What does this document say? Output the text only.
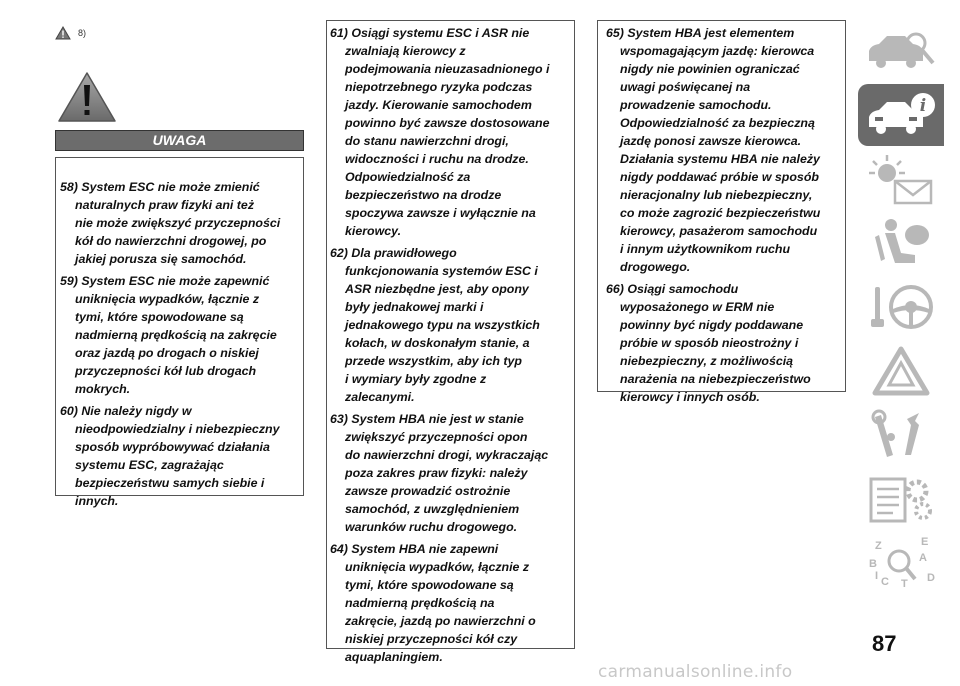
8)
UWAGA
58) System ESC nie może zmienić
naturalnych praw fizyki ani też
nie może zwiększyć przyczepności
kół do nawierzchni drogowej, po
jakiej porusza się samochód.
59) System ESC nie może zapewnić
uniknięcia wypadków, łącznie z
tymi, które spowodowane są
nadmierną prędkością na zakręcie
oraz jazdą po drogach o niskiej
przyczepności kół lub drogach
mokrych.
60) Nie należy nigdy w
nieodpowiedzialny i niebezpieczny
sposób wypróbowywać działania
systemu ESC, zagrażając
bezpieczeństwu samych siebie i
innych.
61) Osiągi systemu ESC i ASR nie
zwalniają kierowcy z
podejmowania nieuzasadnionego i
niepotrzebnego ryzyka podczas
jazdy. Kierowanie samochodem
powinno być zawsze dostosowane
do stanu nawierzchni drogi,
widoczności i ruchu na drodze.
Odpowiedzialność za
bezpieczeństwo na drodze
spoczywa zawsze i wyłącznie na
kierowcy.
62) Dla prawidłowego
funkcjonowania systemów ESC i
ASR niezbędne jest, aby opony
były jednakowej marki i
jednakowego typu na wszystkich
kołach, w doskonałym stanie, a
przede wszystkim, aby ich typ
i wymiary były zgodne z
zalecanymi.
63) System HBA nie jest w stanie
zwiększyć przyczepności opon
do nawierzchni drogi, wykraczając
poza zakres praw fizyki: należy
zawsze prowadzić ostrożnie
samochód, z uwzględnieniem
warunków ruchu drogowego.
64) System HBA nie zapewni
uniknięcia wypadków, łącznie z
tymi, które spowodowane są
nadmierną prędkością na
zakręcie, jazdą po nawierzchni o
niskiej przyczepności kół czy
aquaplaningiem.
65) System HBA jest elementem
wspomagającym jazdę: kierowca
nigdy nie powinien ograniczać
uwagi poświęcanej na
prowadzenie samochodu.
Odpowiedzialność za bezpieczną
jazdę ponosi zawsze kierowca.
Działania systemu HBA nie należy
nigdy poddawać próbie w sposób
nieracjonalny lub niebezpieczny,
co może zagrozić bezpieczeństwu
kierowcy, pasażerom samochodu
i innym użytkownikom ruchu
drogowego.
66) Osiągi samochodu
wyposażonego w ERM nie
powinny być nigdy poddawane
próbie w sposób nieostrożny i
niebezpieczny, z możliwością
narażenia na niebezpieczeństwo
kierowcy i innych osób.
i
Z	E
B	A
C	D
T
I
87
carmanualsonline.info
